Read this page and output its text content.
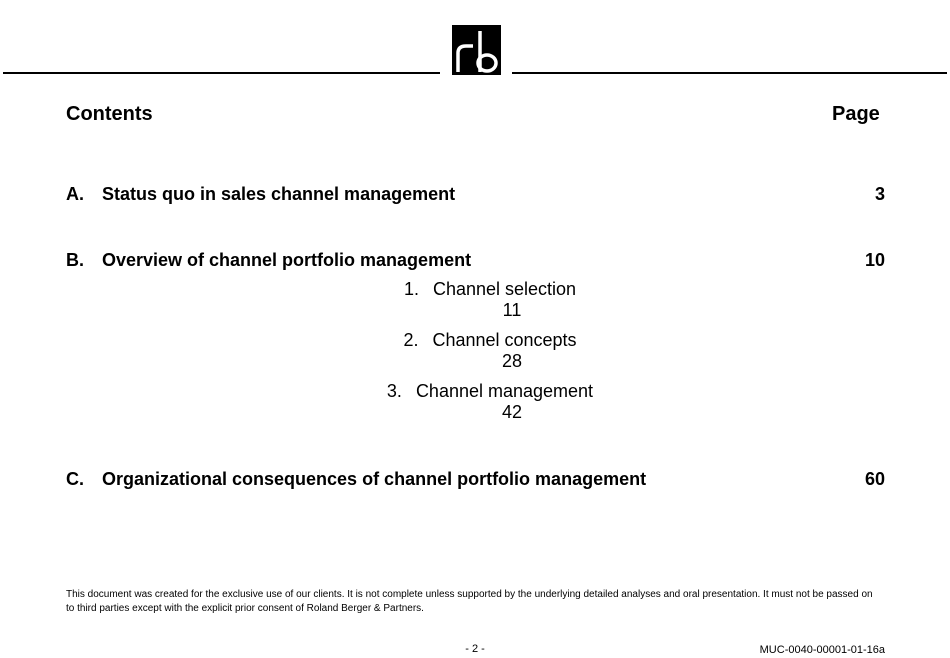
Contents	Page
A. Status quo in sales channel management	3
B. Overview of channel portfolio management	10
1. Channel selection
11
2. Channel concepts
28
3. Channel management
42
C. Organizational consequences of channel portfolio management	60
This document was created for the exclusive use of our clients. It is not complete unless supported by the underlying detailed analyses and oral presentation. It must not be passed on to third parties except with the explicit prior consent of Roland Berger & Partners.
- 2 -	MUC-0040-00001-01-16a
